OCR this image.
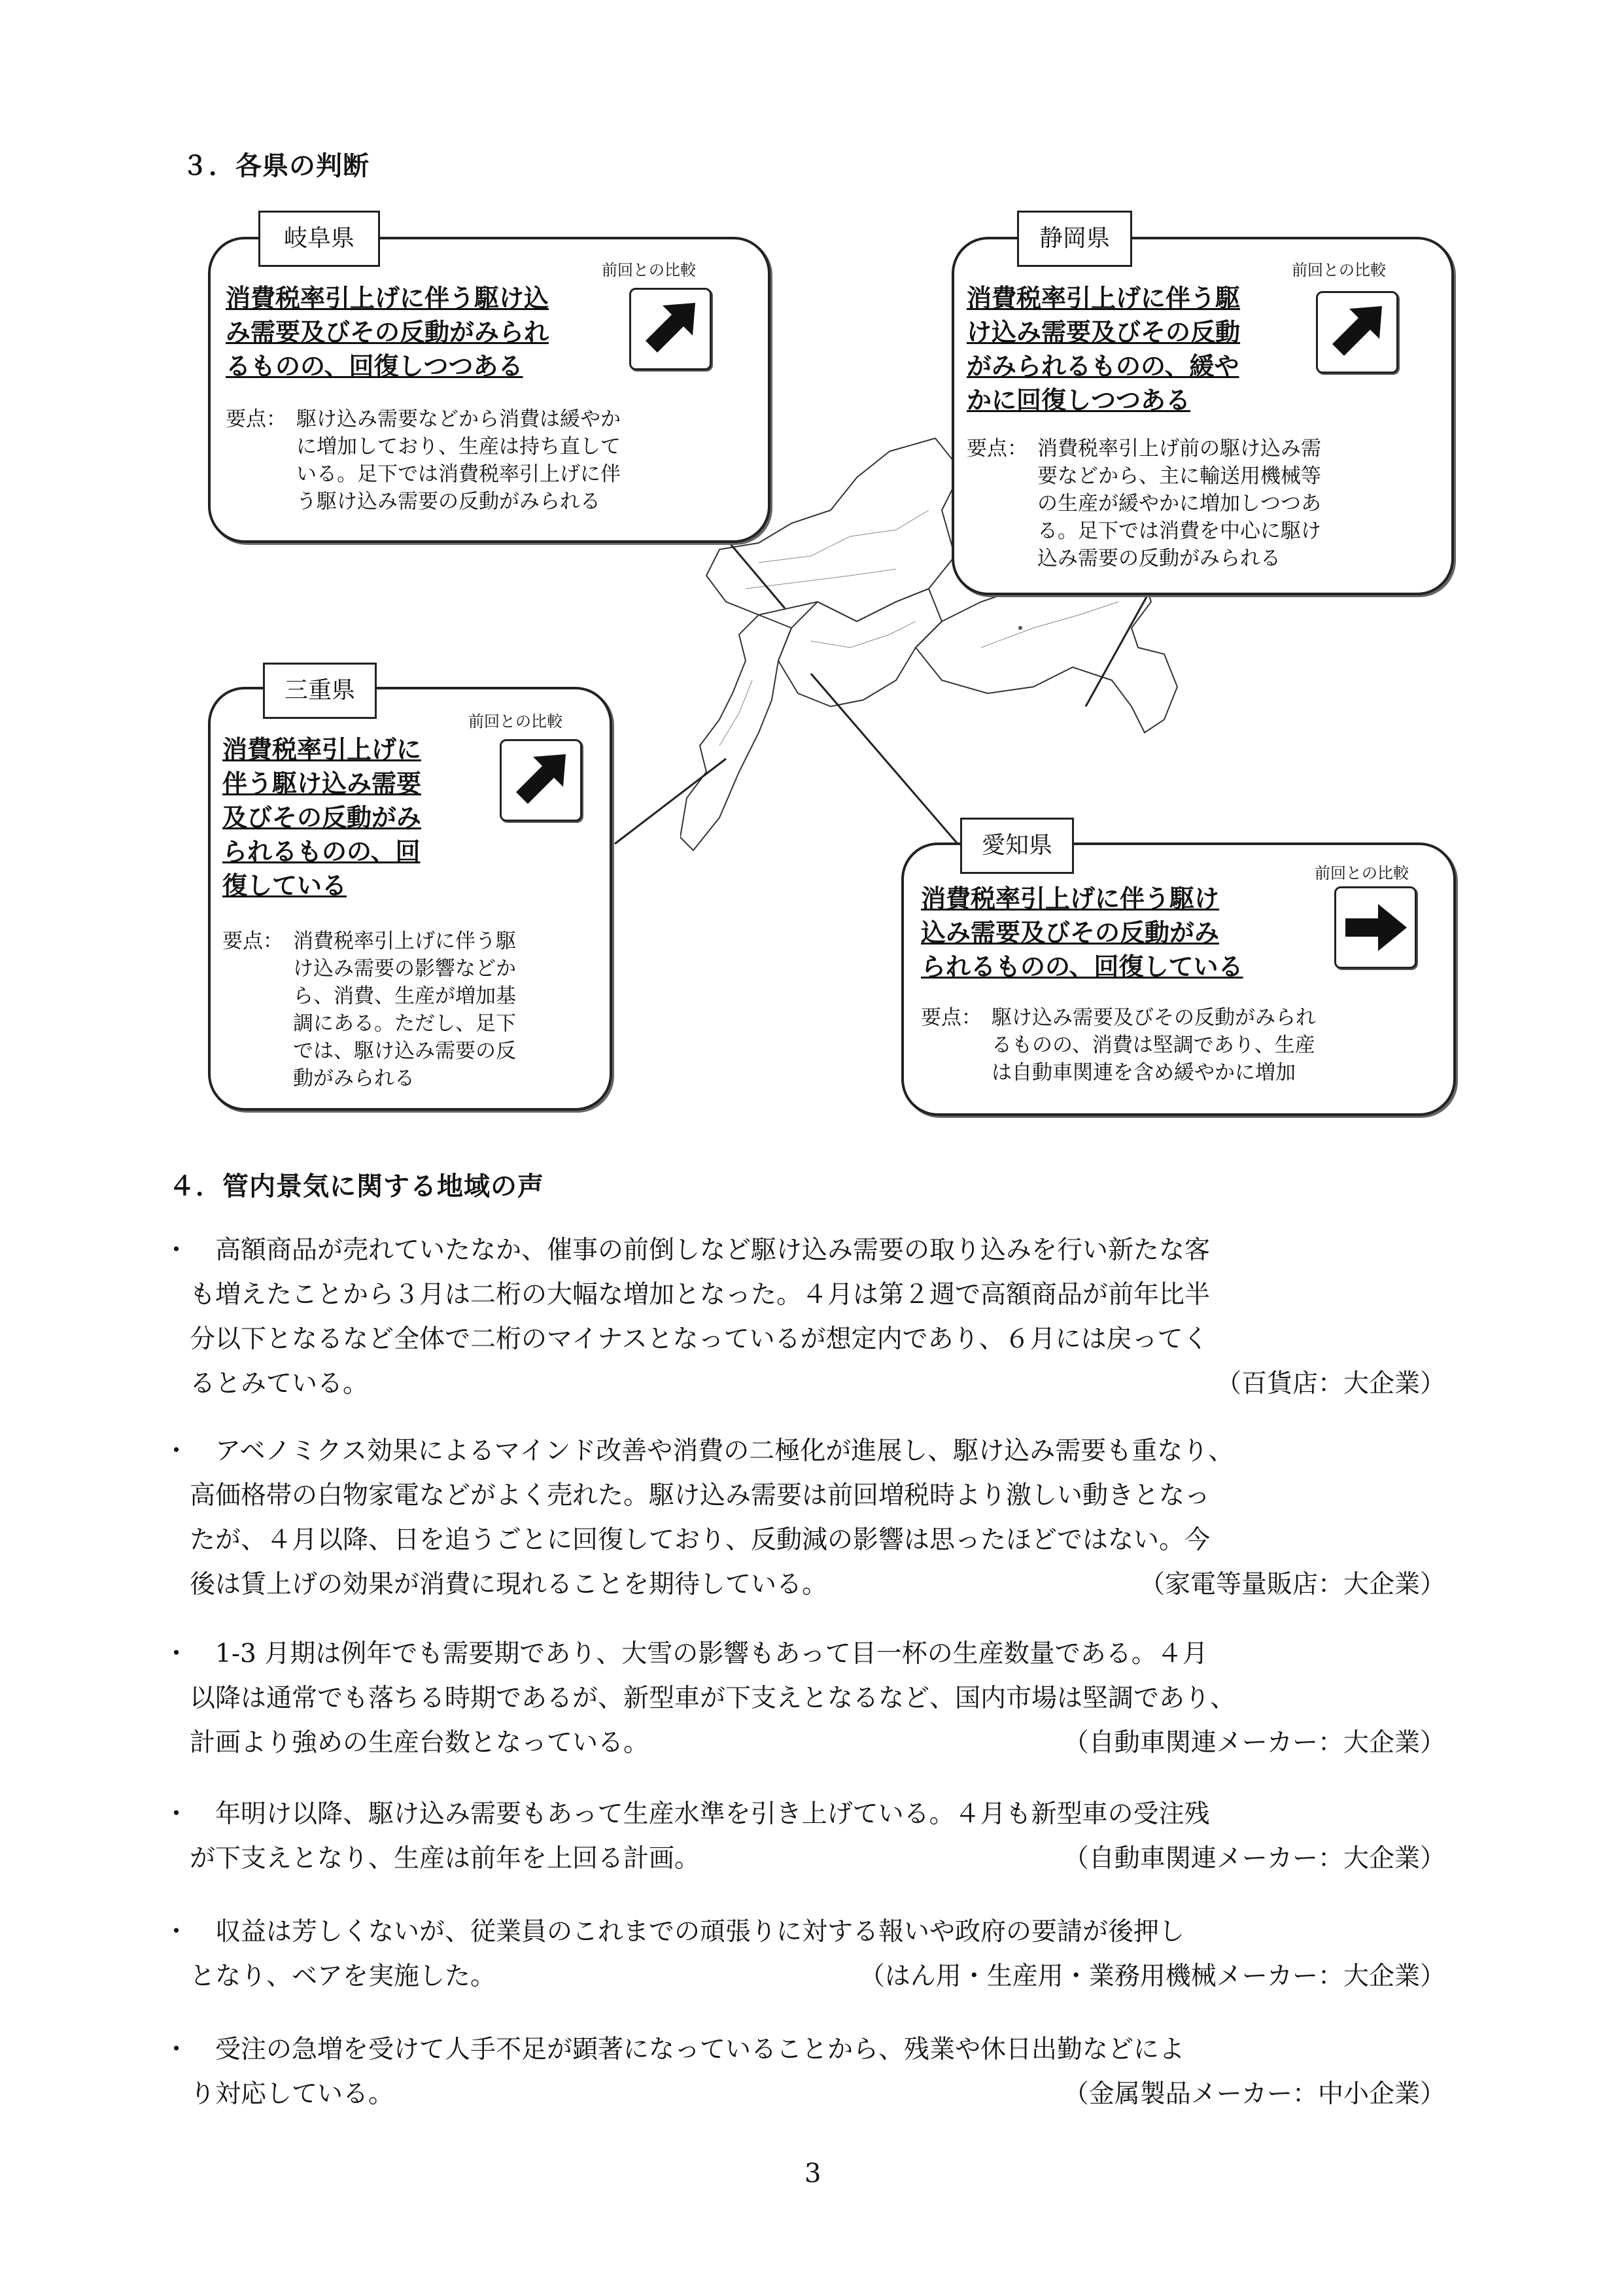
３．各県の判断
岐阜県
前回との比較
消費税率引上げに伴う駆け込
み需要及びその反動がみられ
るものの、回復しつつある
要点： 駆け込み需要などから消費は緩やか
に増加しており、生産は持ち直して
いる。足下では消費税率引上げに伴
う駆け込み需要の反動がみられる
静岡県
前回との比較
消費税率引上げに伴う駆
け込み需要及びその反動
がみられるものの、緩や
かに回復しつつある
要点： 消費税率引上げ前の駆け込み需
要などから、主に輸送用機械等
の生産が緩やかに増加しつつあ
る。足下では消費を中心に駆け
込み需要の反動がみられる
三重県
前回との比較
消費税率引上げに
伴う駆け込み需要
及びその反動がみ
られるものの、回
復している
要点： 消費税率引上げに伴う駆
け込み需要の影響などか
ら、消費、生産が増加基
調にある。ただし、足下
では、駆け込み需要の反
動がみられる
愛知県
前回との比較
消費税率引上げに伴う駆け
込み需要及びその反動がみ
られるものの、回復している
要点： 駆け込み需要及びその反動がみられ
るものの、消費は堅調であり、生産
は自動車関連を含め緩やかに増加
４．管内景気に関する地域の声
・ 　高額商品が売れていたなか、催事の前倒しなど駆け込み需要の取り込みを行い新たな客
も増えたことから３月は二桁の大幅な増加となった。４月は第２週で高額商品が前年比半
分以下となるなど全体で二桁のマイナスとなっているが想定内であり、６月には戻ってく
るとみている。	（百貨店：大企業）
・ 　アベノミクス効果によるマインド改善や消費の二極化が進展し、駆け込み需要も重なり、
高価格帯の白物家電などがよく売れた。駆け込み需要は前回増税時より激しい動きとなっ
たが、４月以降、日を追うごとに回復しており、反動減の影響は思ったほどではない。今
後は賃上げの効果が消費に現れることを期待している。	（家電等量販店：大企業）
・ 　1-3 月期は例年でも需要期であり、大雪の影響もあって目一杯の生産数量である。４月
以降は通常でも落ちる時期であるが、新型車が下支えとなるなど、国内市場は堅調であり、
計画より強めの生産台数となっている。	（自動車関連メーカー：大企業）
・ 　年明け以降、駆け込み需要もあって生産水準を引き上げている。４月も新型車の受注残
が下支えとなり、生産は前年を上回る計画。	（自動車関連メーカー：大企業）
・ 　収益は芳しくないが、従業員のこれまでの頑張りに対する報いや政府の要請が後押し
となり、ベアを実施した。	（はん用・生産用・業務用機械メーカー：大企業）
・ 　受注の急増を受けて人手不足が顕著になっていることから、残業や休日出勤などによ
り対応している。	（金属製品メーカー：中小企業）
3
